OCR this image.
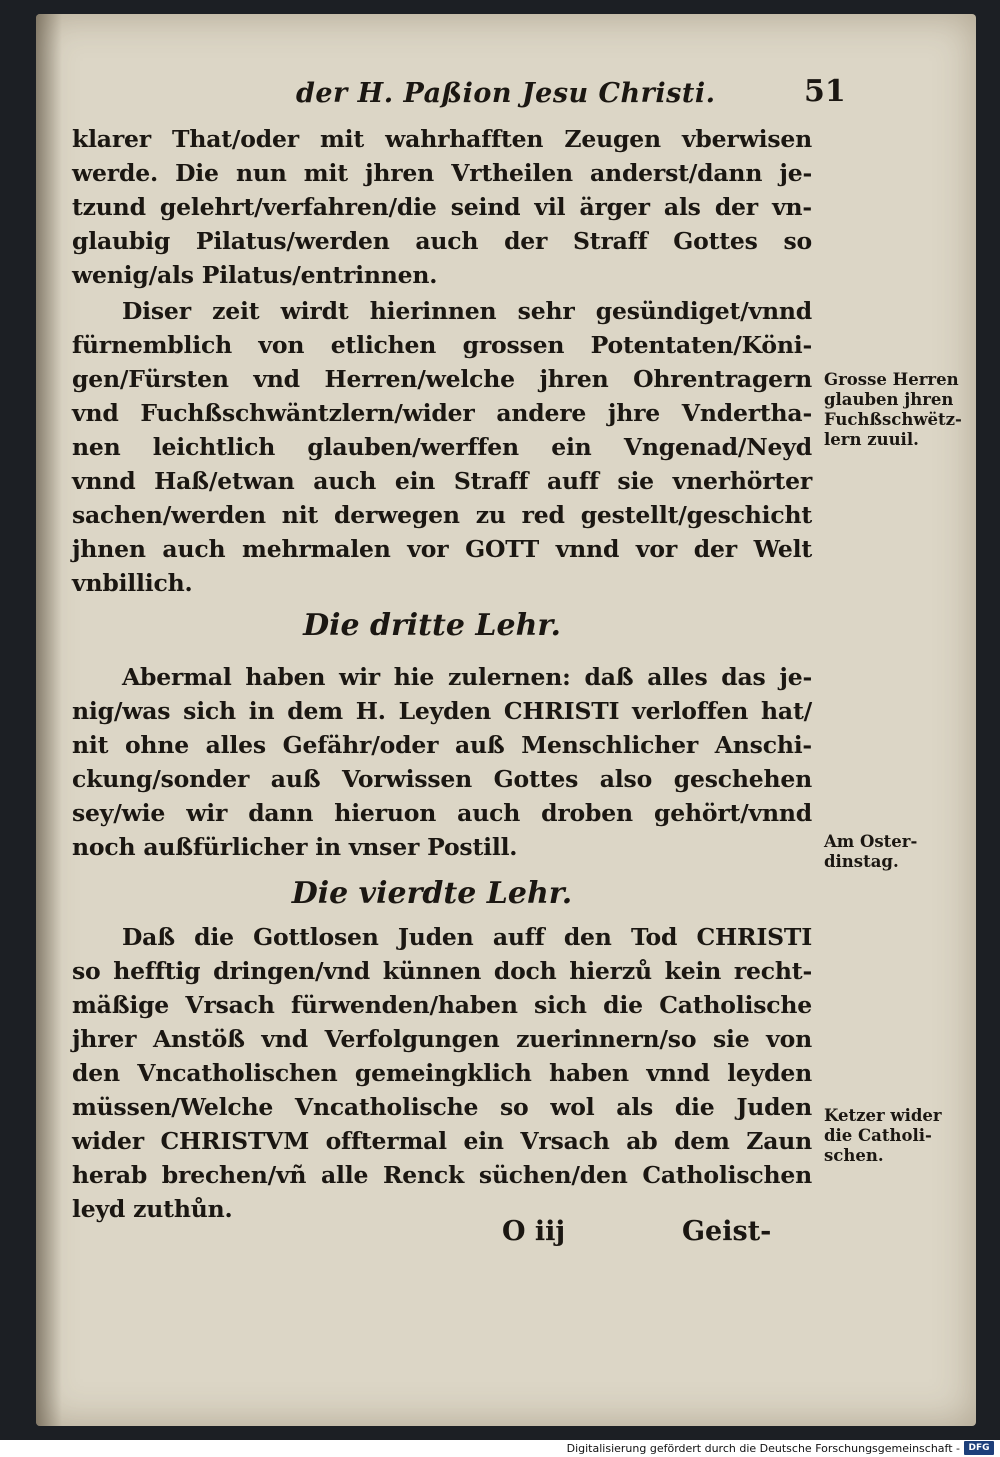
der H. Paßion Jesu Christi.	51
klarer That/oder mit wahrhafften Zeugen vberwisen
werde. Die nun mit jhren Vrtheilen anderst/dann je-
tzund gelehrt/verfahren/die seind vil ärger als der vn-
glaubig Pilatus/werden auch der Straff Gottes so
wenig/als Pilatus/entrinnen.
Diser zeit wirdt hierinnen sehr gesündiget/vnnd
fürnemblich von etlichen grossen Potentaten/Köni-
gen/Fürsten vnd Herren/welche jhren Ohrentragern
vnd Fuchßschwäntzlern/wider andere jhre Vndertha-
nen leichtlich glauben/werffen ein Vngenad/Neyd
vnnd Haß/etwan auch ein Straff auff sie vnerhörter
sachen/werden nit derwegen zu red gestellt/geschicht
jhnen auch mehrmalen vor GOTT vnnd vor der Welt
vnbillich.
Die dritte Lehr.
Abermal haben wir hie zulernen: daß alles das je-
nig/was sich in dem H. Leyden CHRISTI verloffen hat/
nit ohne alles Gefähr/oder auß Menschlicher Anschi-
ckung/sonder auß Vorwissen Gottes also geschehen
sey/wie wir dann hieruon auch droben gehört/vnnd
noch außfürlicher in vnser Postill.
Die vierdte Lehr.
Daß die Gottlosen Juden auff den Tod CHRISTI
so hefftig dringen/vnd künnen doch hierzů kein recht-
mäßige Vrsach fürwenden/haben sich die Catholische
jhrer Anstöß vnd Verfolgungen zuerinnern/so sie von
den Vncatholischen gemeingklich haben vnnd leyden
müssen/Welche Vncatholische so wol als die Juden
wider CHRISTVM offtermal ein Vrsach ab dem Zaun
herab brechen/vñ alle Renck süchen/den Catholischen
leyd zuthůn.
O iij	Geist-
Grosse Herren
glauben jhren
Fuchßschwëtz-
lern zuuil.
Am Oster-
dinstag.
Ketzer wider
die Catholi-
schen.
Digitalisierung gefördert durch die Deutsche Forschungsgemeinschaft - DFG
